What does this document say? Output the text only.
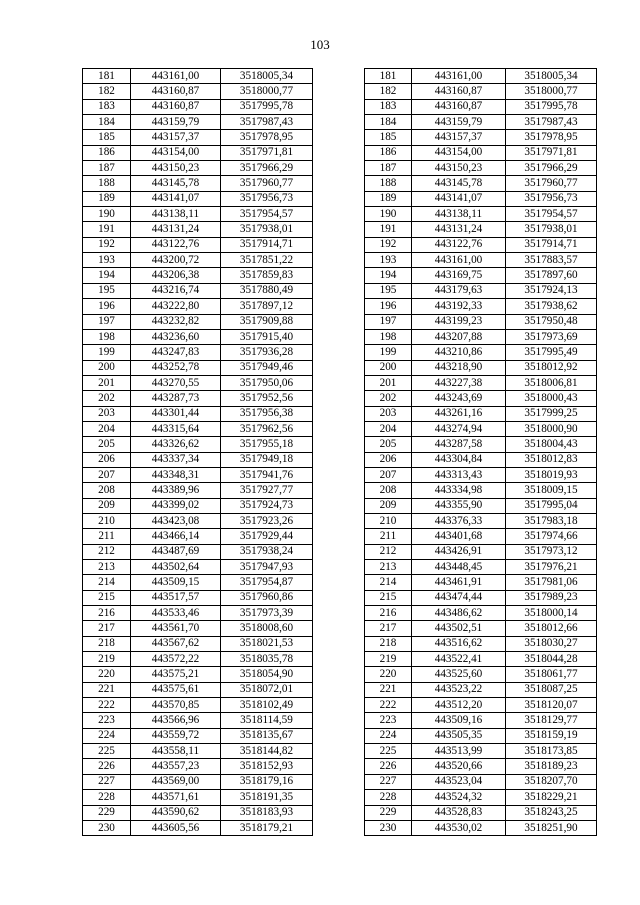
103
181	443161,00	3518005,34		181	443161,00	3518005,34
182	443160,87	3518000,77		182	443160,87	3518000,77
183	443160,87	3517995,78		183	443160,87	3517995,78
184	443159,79	3517987,43		184	443159,79	3517987,43
185	443157,37	3517978,95		185	443157,37	3517978,95
186	443154,00	3517971,81		186	443154,00	3517971,81
187	443150,23	3517966,29		187	443150,23	3517966,29
188	443145,78	3517960,77		188	443145,78	3517960,77
189	443141,07	3517956,73		189	443141,07	3517956,73
190	443138,11	3517954,57		190	443138,11	3517954,57
191	443131,24	3517938,01		191	443131,24	3517938,01
192	443122,76	3517914,71		192	443122,76	3517914,71
193	443200,72	3517851,22		193	443161,00	3517883,57
194	443206,38	3517859,83		194	443169,75	3517897,60
195	443216,74	3517880,49		195	443179,63	3517924,13
196	443222,80	3517897,12		196	443192,33	3517938,62
197	443232,82	3517909,88		197	443199,23	3517950,48
198	443236,60	3517915,40		198	443207,88	3517973,69
199	443247,83	3517936,28		199	443210,86	3517995,49
200	443252,78	3517949,46		200	443218,90	3518012,92
201	443270,55	3517950,06		201	443227,38	3518006,81
202	443287,73	3517952,56		202	443243,69	3518000,43
203	443301,44	3517956,38		203	443261,16	3517999,25
204	443315,64	3517962,56		204	443274,94	3518000,90
205	443326,62	3517955,18		205	443287,58	3518004,43
206	443337,34	3517949,18		206	443304,84	3518012,83
207	443348,31	3517941,76		207	443313,43	3518019,93
208	443389,96	3517927,77		208	443334,98	3518009,15
209	443399,02	3517924,73		209	443355,90	3517995,04
210	443423,08	3517923,26		210	443376,33	3517983,18
211	443466,14	3517929,44		211	443401,68	3517974,66
212	443487,69	3517938,24		212	443426,91	3517973,12
213	443502,64	3517947,93		213	443448,45	3517976,21
214	443509,15	3517954,87		214	443461,91	3517981,06
215	443517,57	3517960,86		215	443474,44	3517989,23
216	443533,46	3517973,39		216	443486,62	3518000,14
217	443561,70	3518008,60		217	443502,51	3518012,66
218	443567,62	3518021,53		218	443516,62	3518030,27
219	443572,22	3518035,78		219	443522,41	3518044,28
220	443575,21	3518054,90		220	443525,60	3518061,77
221	443575,61	3518072,01		221	443523,22	3518087,25
222	443570,85	3518102,49		222	443512,20	3518120,07
223	443566,96	3518114,59		223	443509,16	3518129,77
224	443559,72	3518135,67		224	443505,35	3518159,19
225	443558,11	3518144,82		225	443513,99	3518173,85
226	443557,23	3518152,93		226	443520,66	3518189,23
227	443569,00	3518179,16		227	443523,04	3518207,70
228	443571,61	3518191,35		228	443524,32	3518229,21
229	443590,62	3518183,93		229	443528,83	3518243,25
230	443605,56	3518179,21		230	443530,02	3518251,90
